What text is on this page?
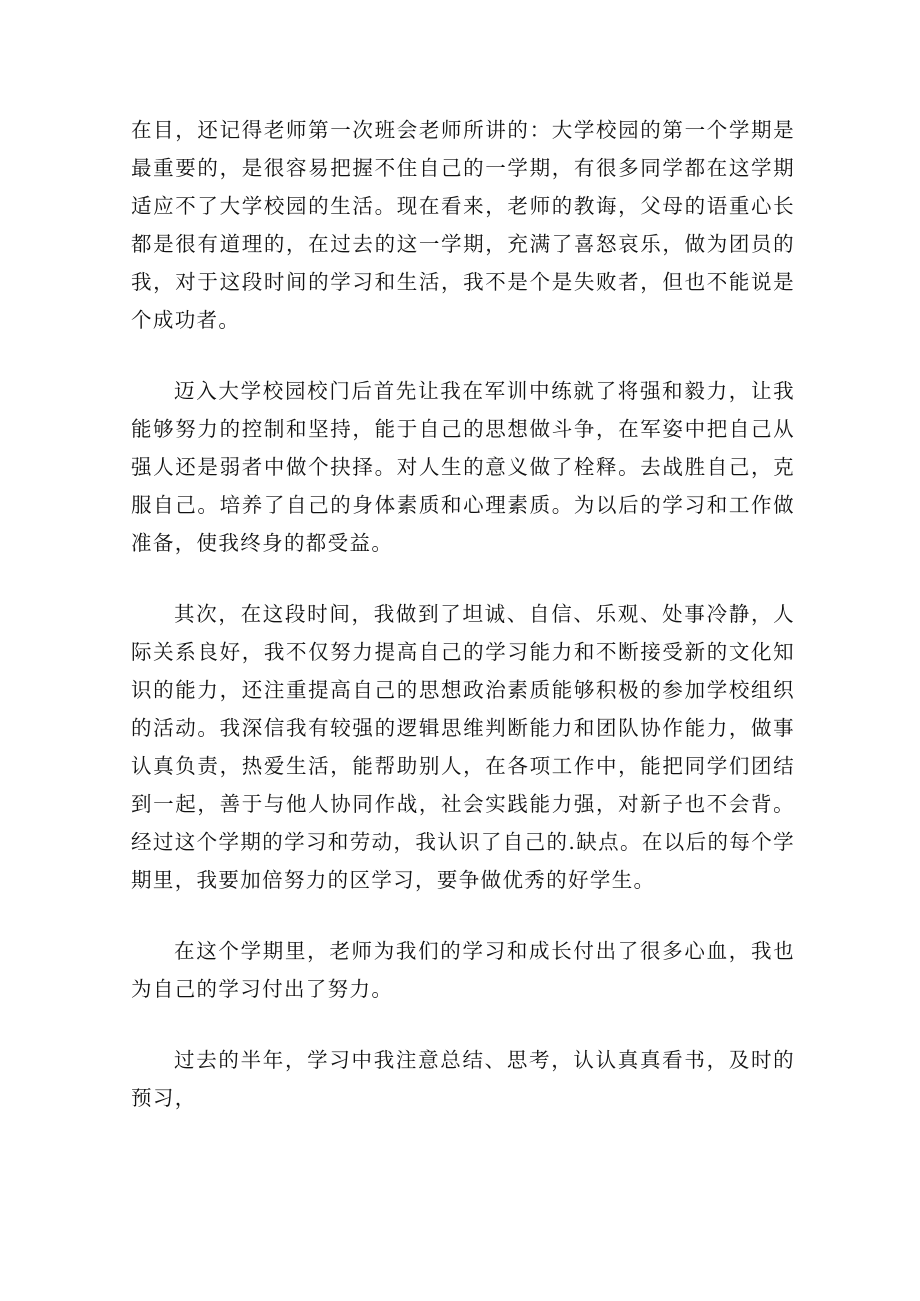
在目，还记得老师第一次班会老师所讲的：大学校园的第一个学期是最重要的，是很容易把握不住自己的一学期，有很多同学都在这学期适应不了大学校园的生活。现在看来，老师的教诲，父母的语重心长都是很有道理的，在过去的这一学期，充满了喜怒哀乐，做为团员的我，对于这段时间的学习和生活，我不是个是失败者，但也不能说是个成功者。

迈入大学校园校门后首先让我在军训中练就了将强和毅力，让我能够努力的控制和坚持，能于自己的思想做斗争，在军姿中把自己从强人还是弱者中做个抉择。对人生的意义做了栓释。去战胜自己，克服自己。培养了自己的身体素质和心理素质。为以后的学习和工作做准备，使我终身的都受益。

其次，在这段时间，我做到了坦诚、自信、乐观、处事冷静，人际关系良好，我不仅努力提高自己的学习能力和不断接受新的文化知识的能力，还注重提高自己的思想政治素质能够积极的参加学校组织的活动。我深信我有较强的逻辑思维判断能力和团队协作能力，做事认真负责，热爱生活，能帮助别人，在各项工作中，能把同学们团结到一起，善于与他人协同作战，社会实践能力强，对新子也不会背。经过这个学期的学习和劳动，我认识了自己的.缺点。在以后的每个学期里，我要加倍努力的区学习，要争做优秀的好学生。

在这个学期里，老师为我们的学习和成长付出了很多心血，我也为自己的学习付出了努力。

过去的半年，学习中我注意总结、思考，认认真真看书，及时的预习，
